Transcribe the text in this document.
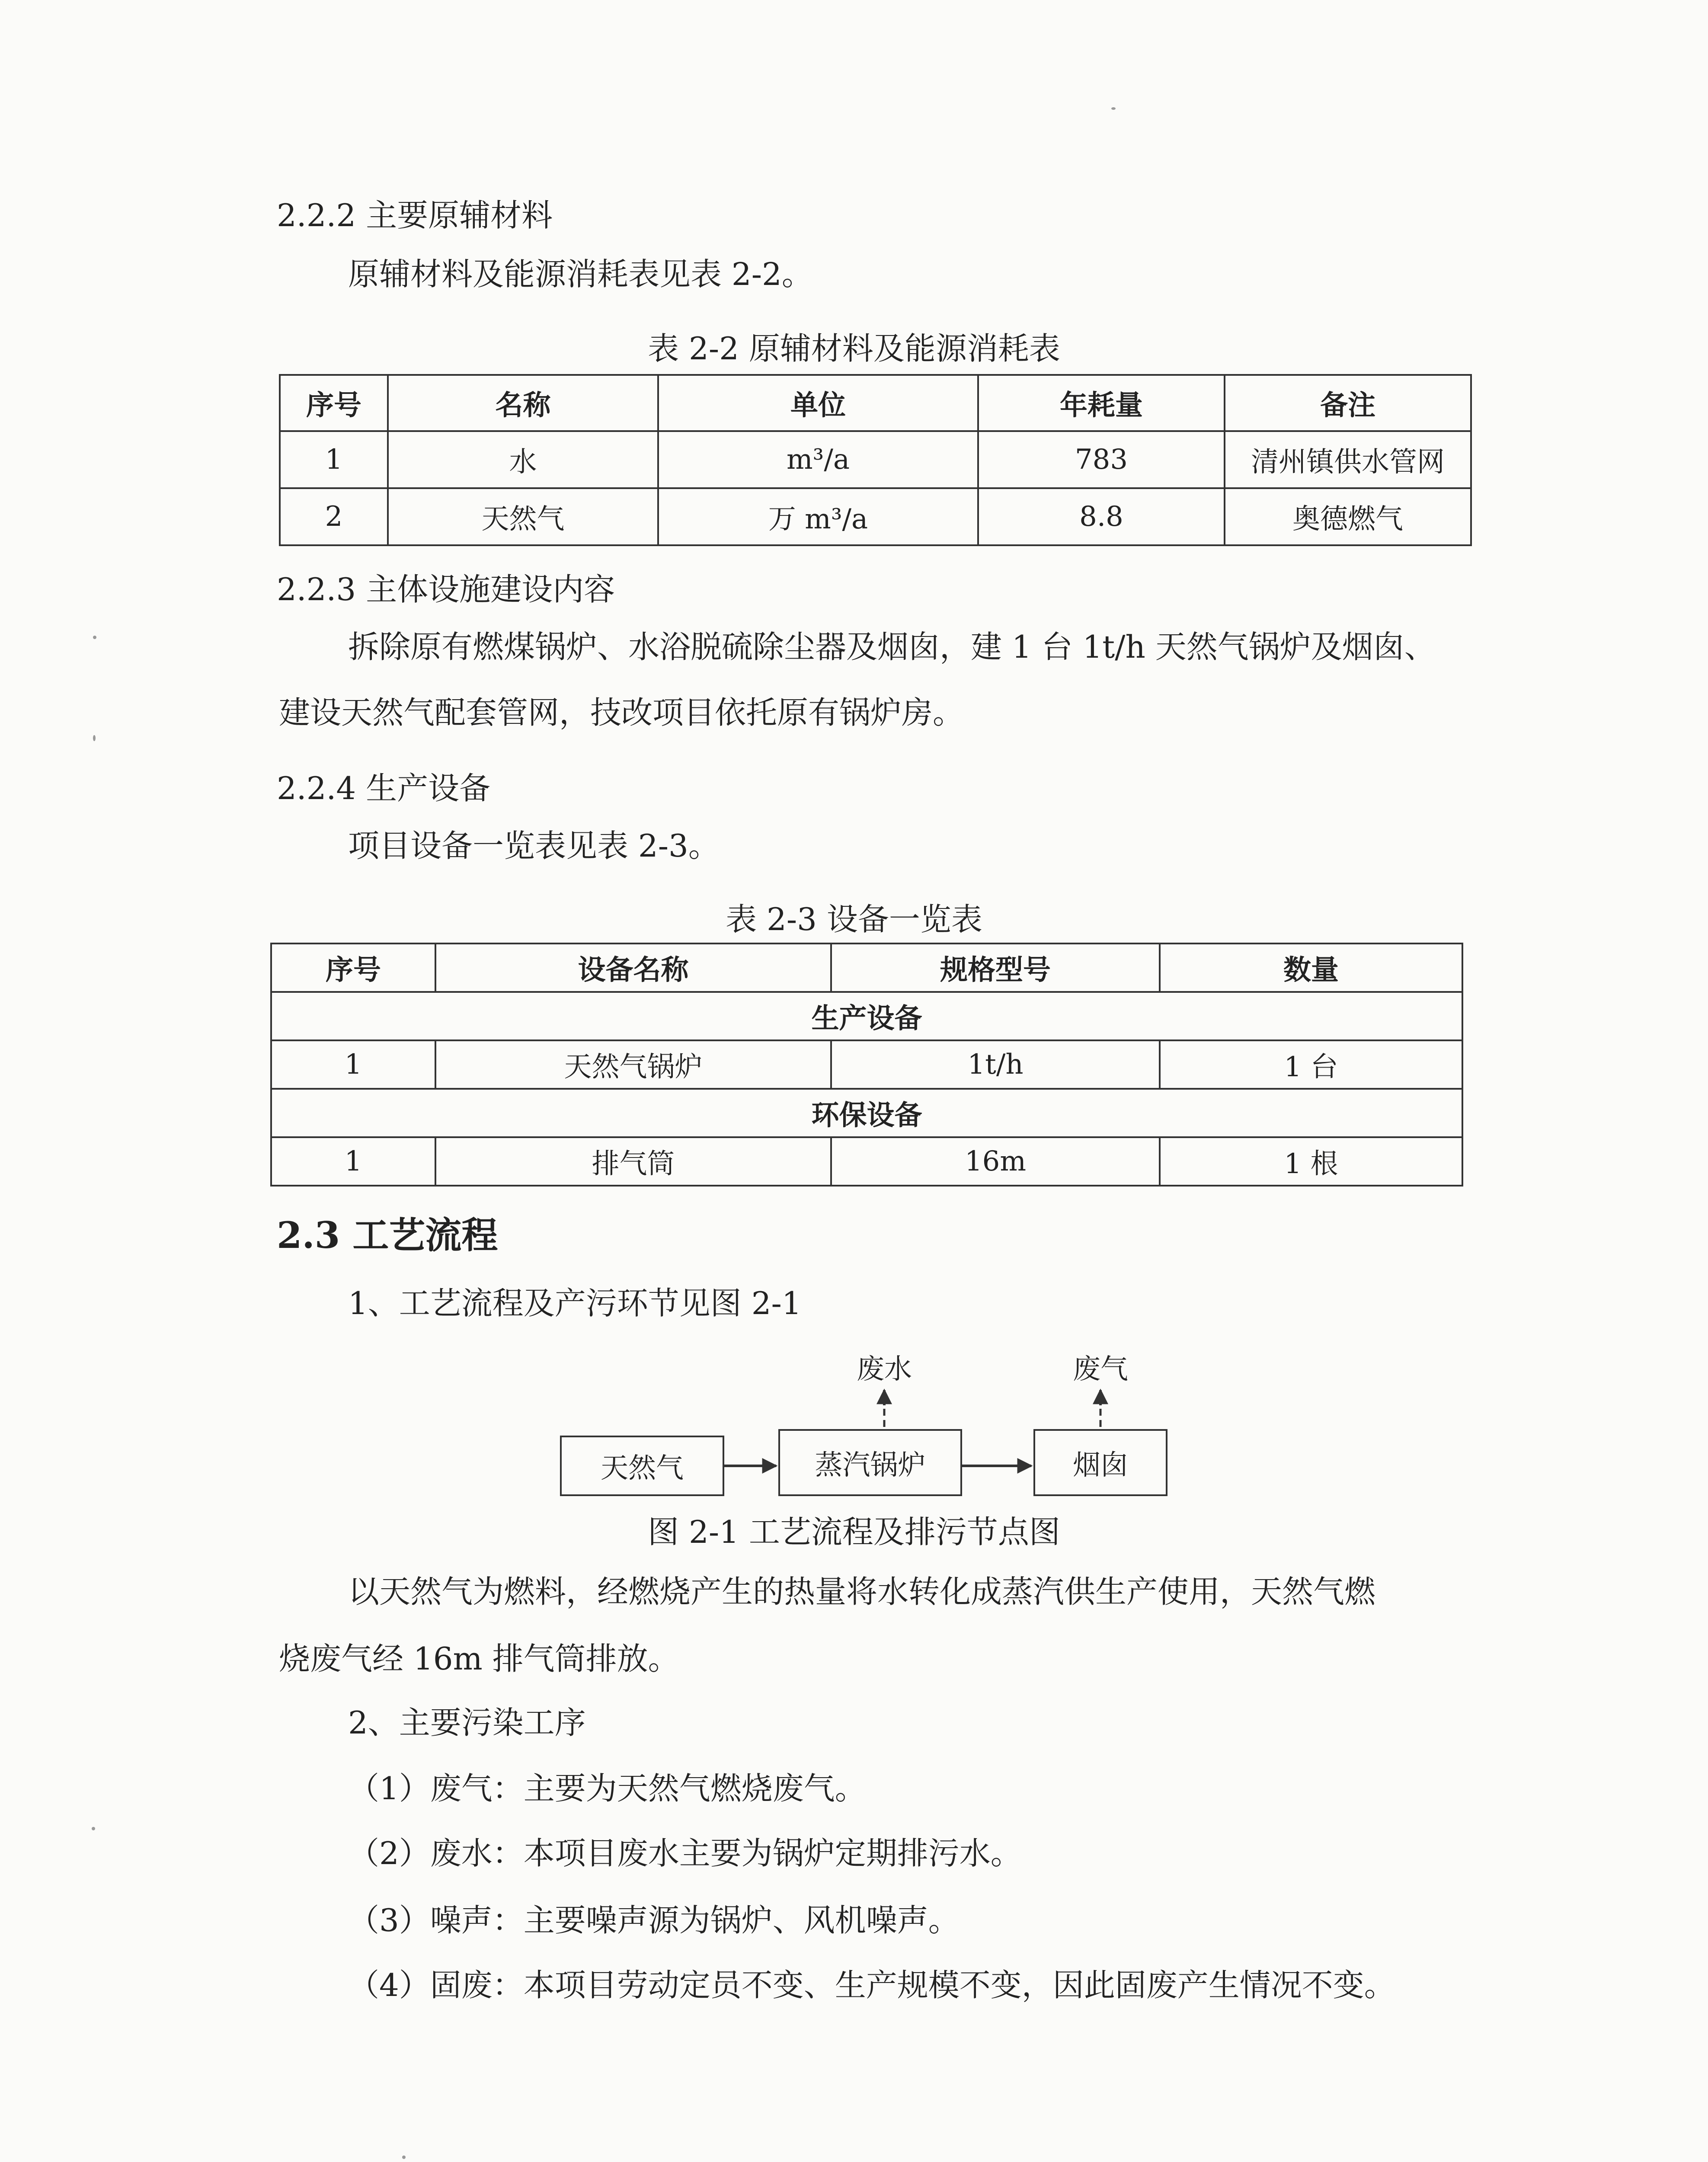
2.2.2 主要原辅材料
原辅材料及能源消耗表见表 2-2。
表 2-2 原辅材料及能源消耗表
序号	名称	单位	年耗量	备注
1	水	m³/a	783	清州镇供水管网
2	天然气	万 m³/a	8.8	奥德燃气
2.2.3 主体设施建设内容
拆除原有燃煤锅炉、水浴脱硫除尘器及烟囱，建 1 台 1t/h 天然气锅炉及烟囱、
建设天然气配套管网，技改项目依托原有锅炉房。
2.2.4 生产设备
项目设备一览表见表 2-3。
表 2-3 设备一览表
序号	设备名称	规格型号	数量
生产设备			
1	天然气锅炉	1t/h	1 台
环保设备			
1	排气筒	16m	1 根
2.3 工艺流程
1、工艺流程及产污环节见图 2-1
天然气	蒸汽锅炉	烟囱
废水	废气
图 2-1 工艺流程及排污节点图
以天然气为燃料，经燃烧产生的热量将水转化成蒸汽供生产使用，天然气燃
烧废气经 16m 排气筒排放。
2、主要污染工序
（1）废气：主要为天然气燃烧废气。
（2）废水：本项目废水主要为锅炉定期排污水。
（3）噪声：主要噪声源为锅炉、风机噪声。
（4）固废：本项目劳动定员不变、生产规模不变，因此固废产生情况不变。
